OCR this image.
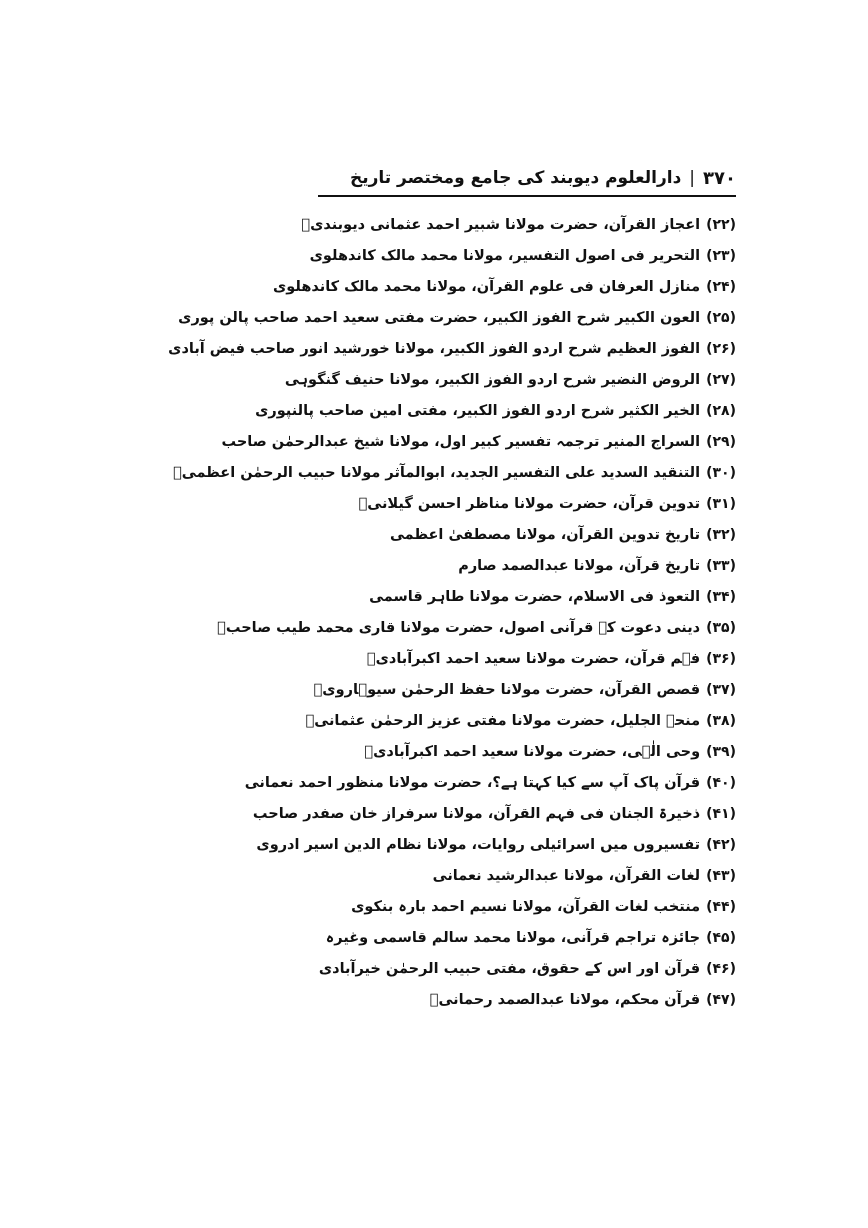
۳۷۰
|
دارالعلوم دیوبند کی جامع ومختصر تاریخ
(۲۲)اعجاز القرآن، حضرت مولانا شبیر احمد عثمانی دیوبندیؒ
(۲۳)التحریر فی اصول التفسیر، مولانا محمد مالک کاندھلوی
(۲۴)منازل العرفان فی علوم القرآن، مولانا محمد مالک کاندھلوی
(۲۵)العون الکبیر شرح الفوز الکبیر، حضرت مفتی سعید احمد صاحب پالن پوری
(۲۶)الفوز العظیم شرح اردو الفوز الکبیر، مولانا خورشید انور صاحب فیض آبادی
(۲۷)الروض النضیر شرح اردو الفوز الکبیر، مولانا حنیف گنگوہی
(۲۸)الخیر الکثیر شرح اردو الفوز الکبیر، مفتی امین صاحب پالنپوری
(۲۹)السراج المنیر ترجمہ تفسیر کبیر اول، مولانا شیخ عبدالرحمٰن صاحب
(۳۰)التنقید السدید علی التفسیر الجدید، ابوالمآثر مولانا حبیب الرحمٰن اعظمیؒ
(۳۱)تدوین قرآن، حضرت مولانا مناظر احسن گیلانیؒ
(۳۲)تاریخ تدوین القرآن، مولانا مصطفیٰ اعظمی
(۳۳)تاریخ قرآن، مولانا عبدالصمد صارم
(۳۴)التعوذ فی الاسلام، حضرت مولانا طاہر قاسمی
(۳۵)دینی دعوت کے قرآنی اصول، حضرت مولانا قاری محمد طیب صاحبؒ
(۳۶)فہم قرآن، حضرت مولانا سعید احمد اکبرآبادیؒ
(۳۷)قصص القرآن، حضرت مولانا حفظ الرحمٰن سیوہارویؒ
(۳۸)منحۃ الجلیل، حضرت مولانا مفتی عزیز الرحمٰن عثمانیؒ
(۳۹)وحی الٰہی، حضرت مولانا سعید احمد اکبرآبادیؒ
(۴۰)قرآن پاک آپ سے کیا کہتا ہے؟، حضرت مولانا منظور احمد نعمانی
(۴۱)ذخیرۃ الجنان فی فہم القرآن، مولانا سرفراز خان صفدر صاحب
(۴۲)تفسیروں میں اسرائیلی روایات، مولانا نظام الدین اسیر ادروی
(۴۳)لغات القرآن، مولانا عبدالرشید نعمانی
(۴۴)منتخب لغات القرآن، مولانا نسیم احمد بارہ بنکوی
(۴۵)جائزہ تراجم قرآنی، مولانا محمد سالم قاسمی وغیرہ
(۴۶)قرآن اور اس کے حقوق، مفتی حبیب الرحمٰن خیرآبادی
(۴۷)قرآن محکم، مولانا عبدالصمد رحمانیؒ
